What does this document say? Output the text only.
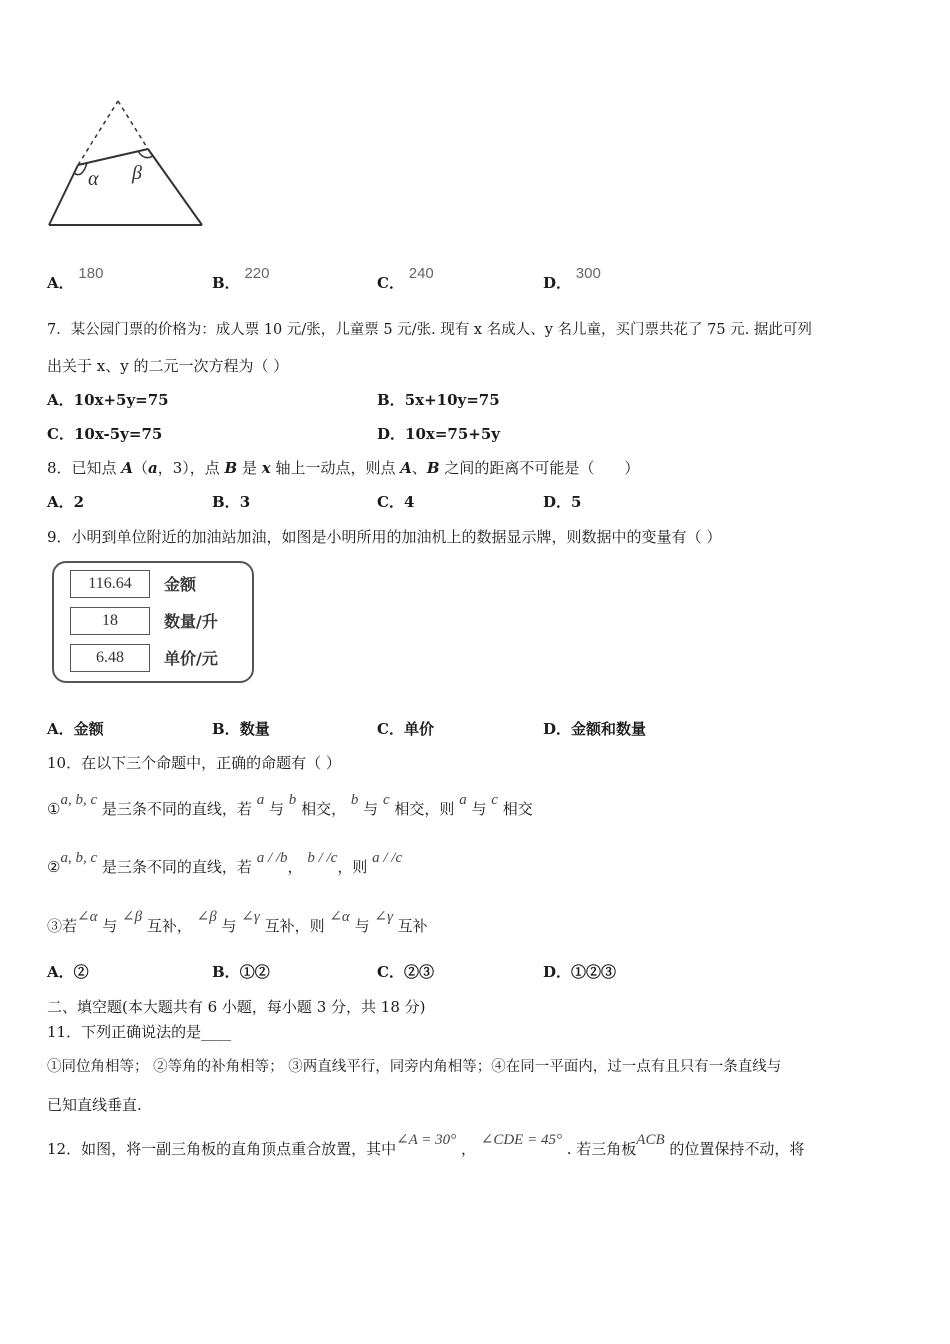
α β
A． 180
B． 220
C． 240
D． 300
7．某公园门票的价格为：成人票 10 元/张，儿童票 5 元/张. 现有 x 名成人、y 名儿童，买门票共花了 75 元. 据此可列
出关于 x、y 的二元一次方程为（ ）
A．10x+5y=75	B．5x+10y=75
C．10x-5y=75	D．10x=75+5y
8．已知点 A（a，3），点 B 是 x 轴上一动点，则点 A、B 之间的距离不可能是（　　）
A．2	B．3	C．4	D．5
9．小明到单位附近的加油站加油，如图是小明所用的加油机上的数据显示牌，则数据中的变量有（ ）
116.64	金额
18	数量/升
6.48	单价/元
A．金额	B．数量	C．单价	D．金额和数量
10．在以下三个命题中，正确的命题有（ ）
①a, b, c 是三条不同的直线，若 a 与 b 相交， b 与 c 相交，则 a 与 c 相交
②a, b, c 是三条不同的直线，若 a / /b， b / /c，则 a / /c
③若∠α 与 ∠β 互补， ∠β 与 ∠γ 互补，则 ∠α 与 ∠γ 互补
A．②	B．①②	C．②③	D．①②③
二、填空题(本大题共有 6 小题，每小题 3 分，共 18 分)
11．下列正确说法的是____
①同位角相等； ②等角的补角相等； ③两直线平行，同旁内角相等；④在同一平面内，过一点有且只有一条直线与
已知直线垂直.
12．如图，将一副三角板的直角顶点重合放置，其中∠A = 30° ， ∠CDE = 45° . 若三角板ACB 的位置保持不动，将
